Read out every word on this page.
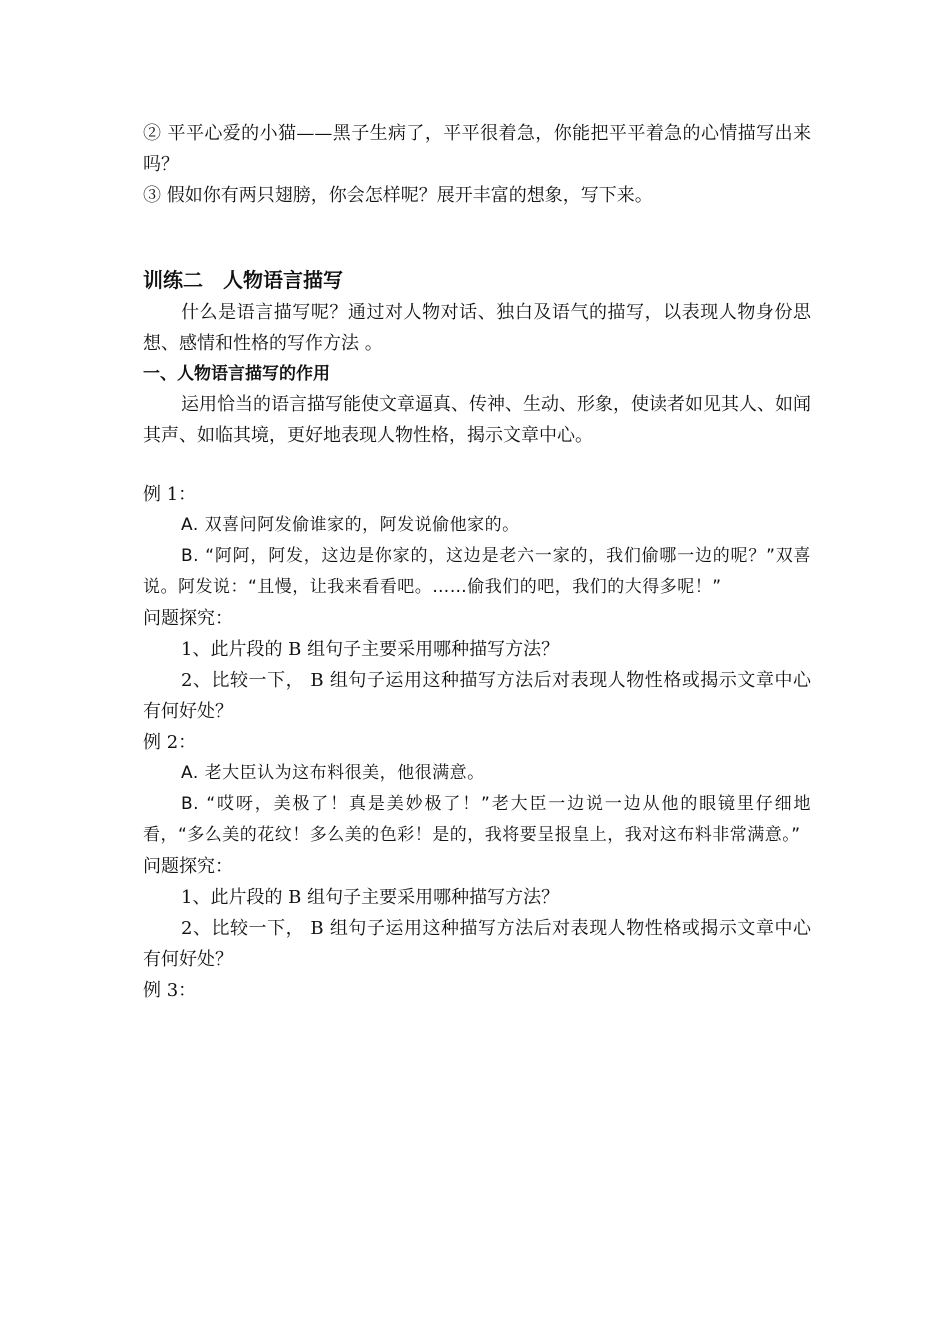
② 平平心爱的小猫——黑子生病了，平平很着急，你能把平平着急的心情描写出来吗？

③ 假如你有两只翅膀，你会怎样呢？展开丰富的想象，写下来。

训练二　人物语言描写

什么是语言描写呢？通过对人物对话、独白及语气的描写，以表现人物身份思想、感情和性格的写作方法 。

一、人物语言描写的作用

运用恰当的语言描写能使文章逼真、传神、生动、形象，使读者如见其人、如闻其声、如临其境，更好地表现人物性格，揭示文章中心。

例 1：

A. 双喜问阿发偷谁家的，阿发说偷他家的。

B. “阿阿，阿发，这边是你家的，这边是老六一家的，我们偷哪一边的呢？”双喜说。阿发说：“且慢，让我来看看吧。……偷我们的吧，我们的大得多呢！”

问题探究：

1、此片段的 B 组句子主要采用哪种描写方法？

2、比较一下， B 组句子运用这种描写方法后对表现人物性格或揭示文章中心有何好处？

例 2：

A. 老大臣认为这布料很美，他很满意。

B. “哎呀，美极了！真是美妙极了！”老大臣一边说一边从他的眼镜里仔细地看，“多么美的花纹！多么美的色彩！是的，我将要呈报皇上，我对这布料非常满意。”

问题探究：

1、此片段的 B 组句子主要采用哪种描写方法？

2、比较一下， B 组句子运用这种描写方法后对表现人物性格或揭示文章中心有何好处？

例 3：
